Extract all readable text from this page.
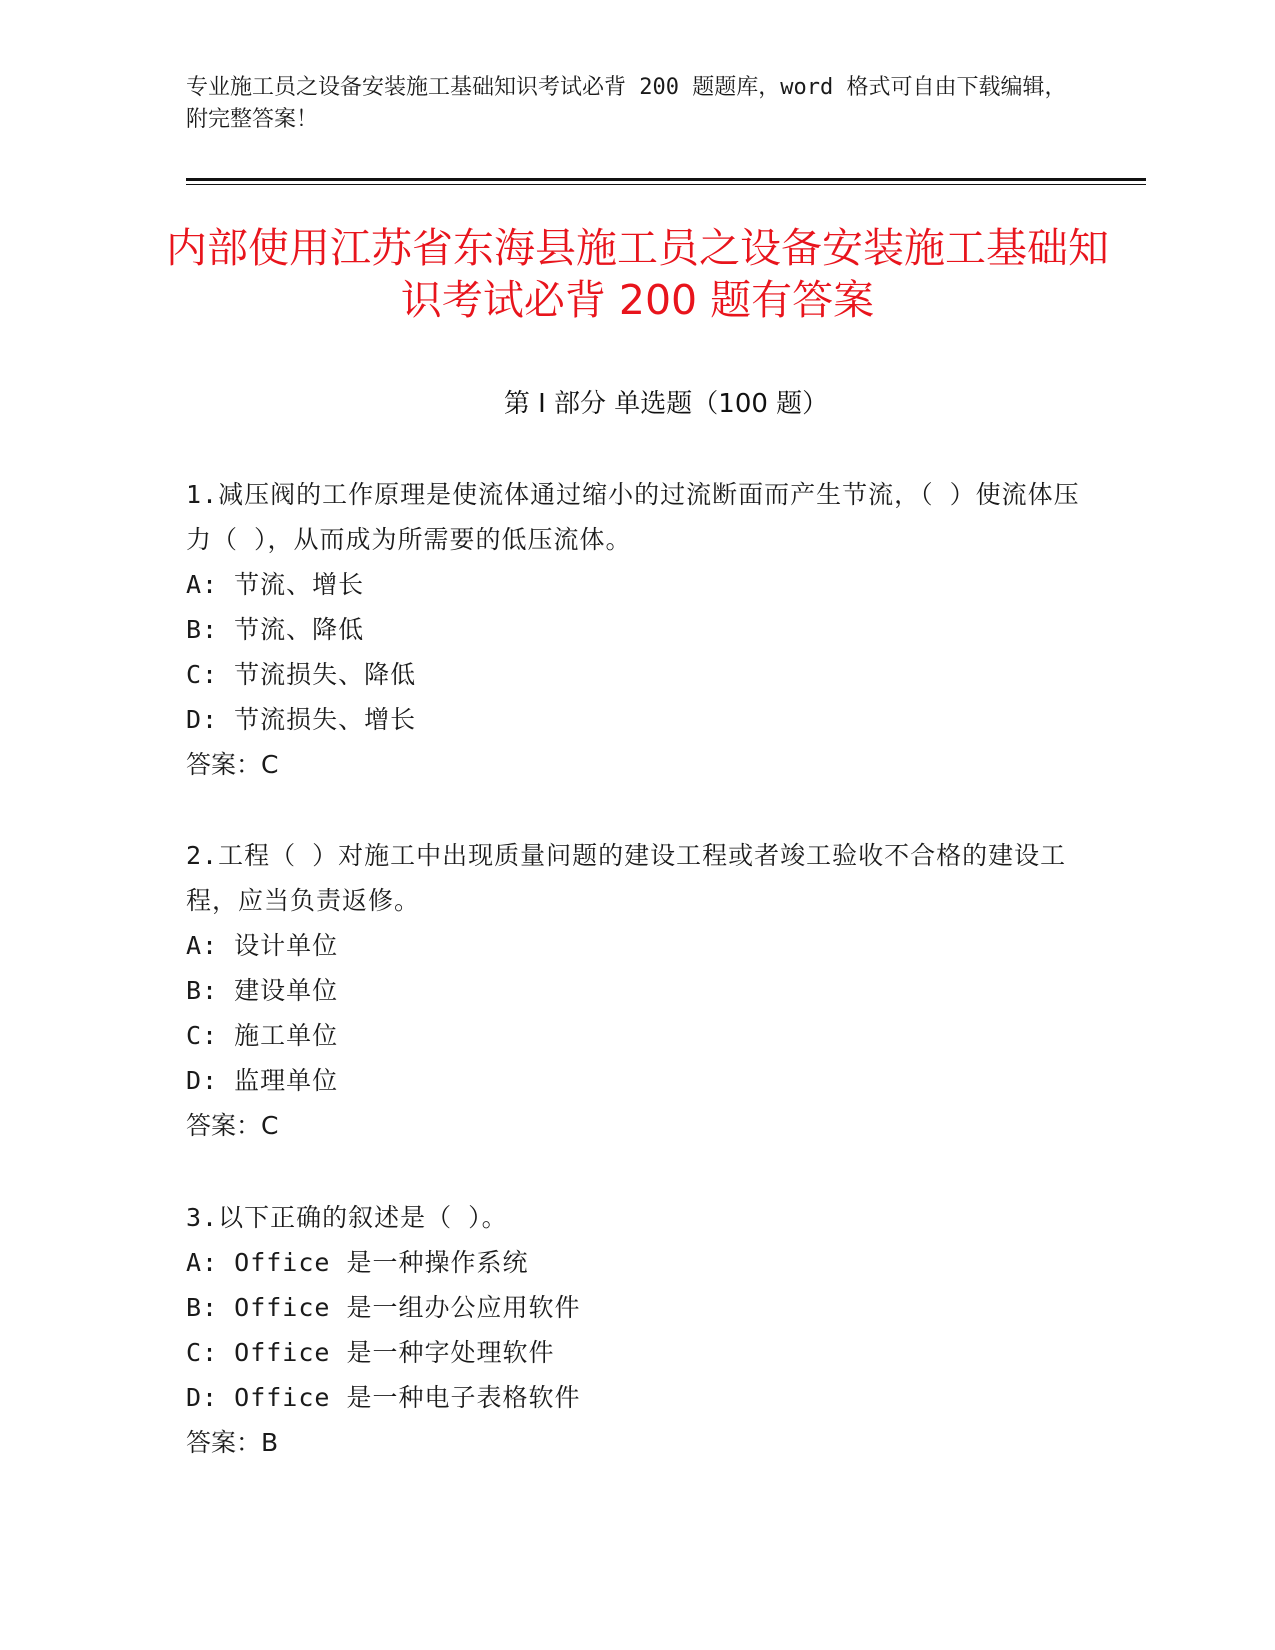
专业施工员之设备安装施工基础知识考试必背 200 题题库，word 格式可自由下载编辑，附完整答案！
内部使用江苏省东海县施工员之设备安装施工基础知识考试必背 200 题有答案
第 I 部分 单选题（100 题）
1.减压阀的工作原理是使流体通过缩小的过流断面而产生节流，（ ）使流体压力（ ），从而成为所需要的低压流体。
A: 节流、增长
B: 节流、降低
C: 节流损失、降低
D: 节流损失、增长
答案：C
2.工程（ ）对施工中出现质量问题的建设工程或者竣工验收不合格的建设工程，应当负责返修。
A: 设计单位
B: 建设单位
C: 施工单位
D: 监理单位
答案：C
3.以下正确的叙述是（ ）。
A: Office 是一种操作系统
B: Office 是一组办公应用软件
C: Office 是一种字处理软件
D: Office 是一种电子表格软件
答案：B
